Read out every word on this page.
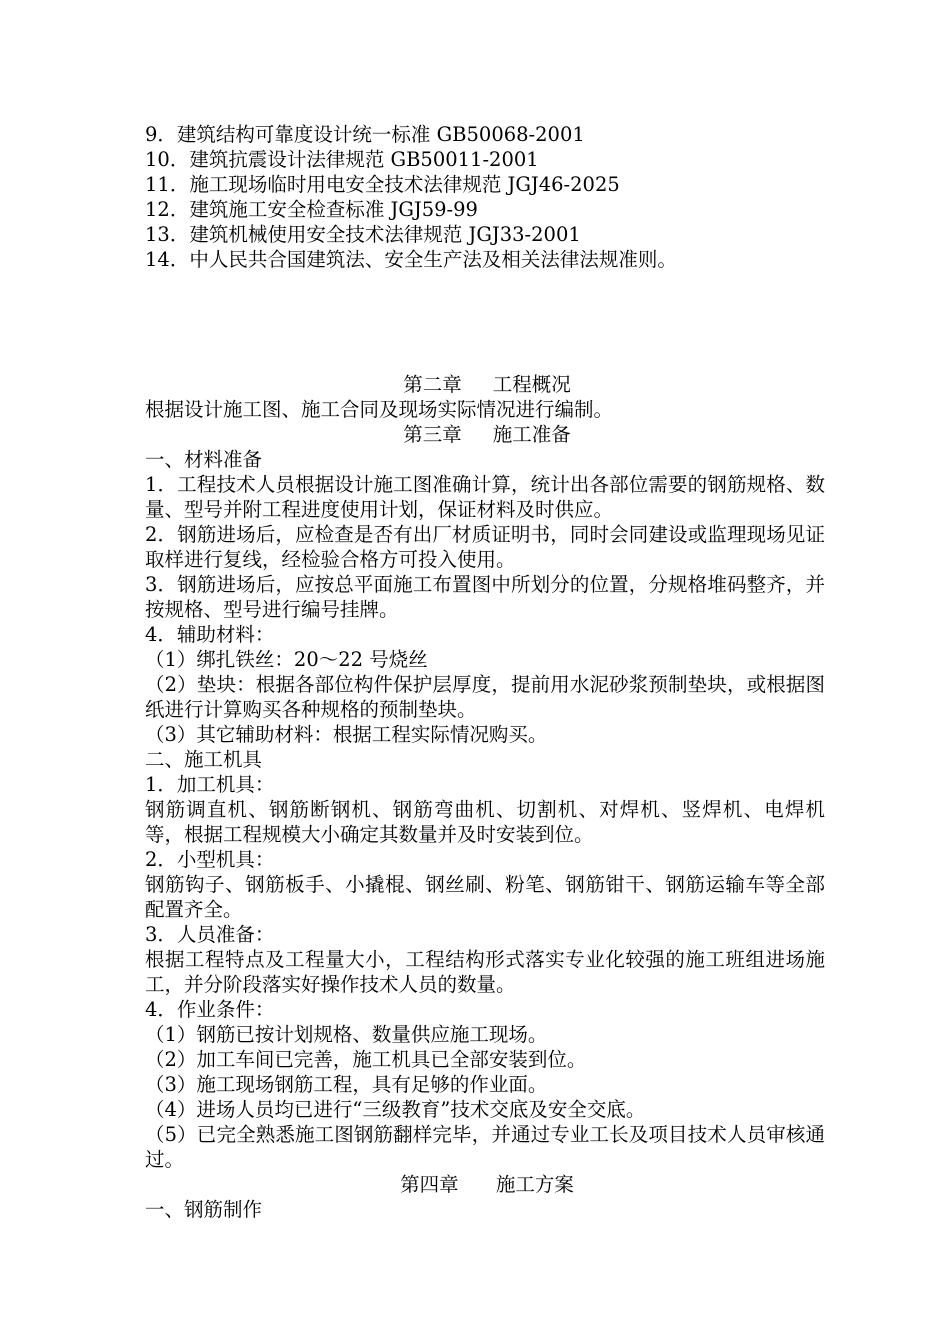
9．建筑结构可靠度设计统一标准 GB50068-2001
10．建筑抗震设计法律规范 GB50011-2001
11．施工现场临时用电安全技术法律规范 JGJ46-2025
12．建筑施工安全检查标准 JGJ59-99
13．建筑机械使用安全技术法律规范 JGJ33-2001
14．中人民共合国建筑法、安全生产法及相关法律法规准则。
第二章     工程概况
根据设计施工图、施工合同及现场实际情况进行编制。
第三章     施工准备
一、材料准备
1．工程技术人员根据设计施工图准确计算，统计出各部位需要的钢筋规格、数量、型号并附工程进度使用计划，保证材料及时供应。
2．钢筋进场后，应检查是否有出厂材质证明书，同时会同建设或监理现场见证取样进行复线，经检验合格方可投入使用。
3．钢筋进场后，应按总平面施工布置图中所划分的位置，分规格堆码整齐，并按规格、型号进行编号挂牌。
4．辅助材料：
（1）绑扎铁丝：20～22 号烧丝
（2）垫块：根据各部位构件保护层厚度，提前用水泥砂浆预制垫块，或根据图纸进行计算购买各种规格的预制垫块。
（3）其它辅助材料：根据工程实际情况购买。
二、施工机具
1．加工机具：
钢筋调直机、钢筋断钢机、钢筋弯曲机、切割机、对焊机、竖焊机、电焊机等，根据工程规模大小确定其数量并及时安装到位。
2．小型机具：
钢筋钩子、钢筋板手、小撬棍、钢丝刷、粉笔、钢筋钳干、钢筋运输车等全部配置齐全。
3．人员准备：
根据工程特点及工程量大小，工程结构形式落实专业化较强的施工班组进场施工，并分阶段落实好操作技术人员的数量。
4．作业条件：
（1）钢筋已按计划规格、数量供应施工现场。
（2）加工车间已完善，施工机具已全部安装到位。
（3）施工现场钢筋工程，具有足够的作业面。
（4）进场人员均已进行“三级教育”技术交底及安全交底。
（5）已完全熟悉施工图钢筋翻样完毕，并通过专业工长及项目技术人员审核通过。
第四章      施工方案
一、钢筋制作
